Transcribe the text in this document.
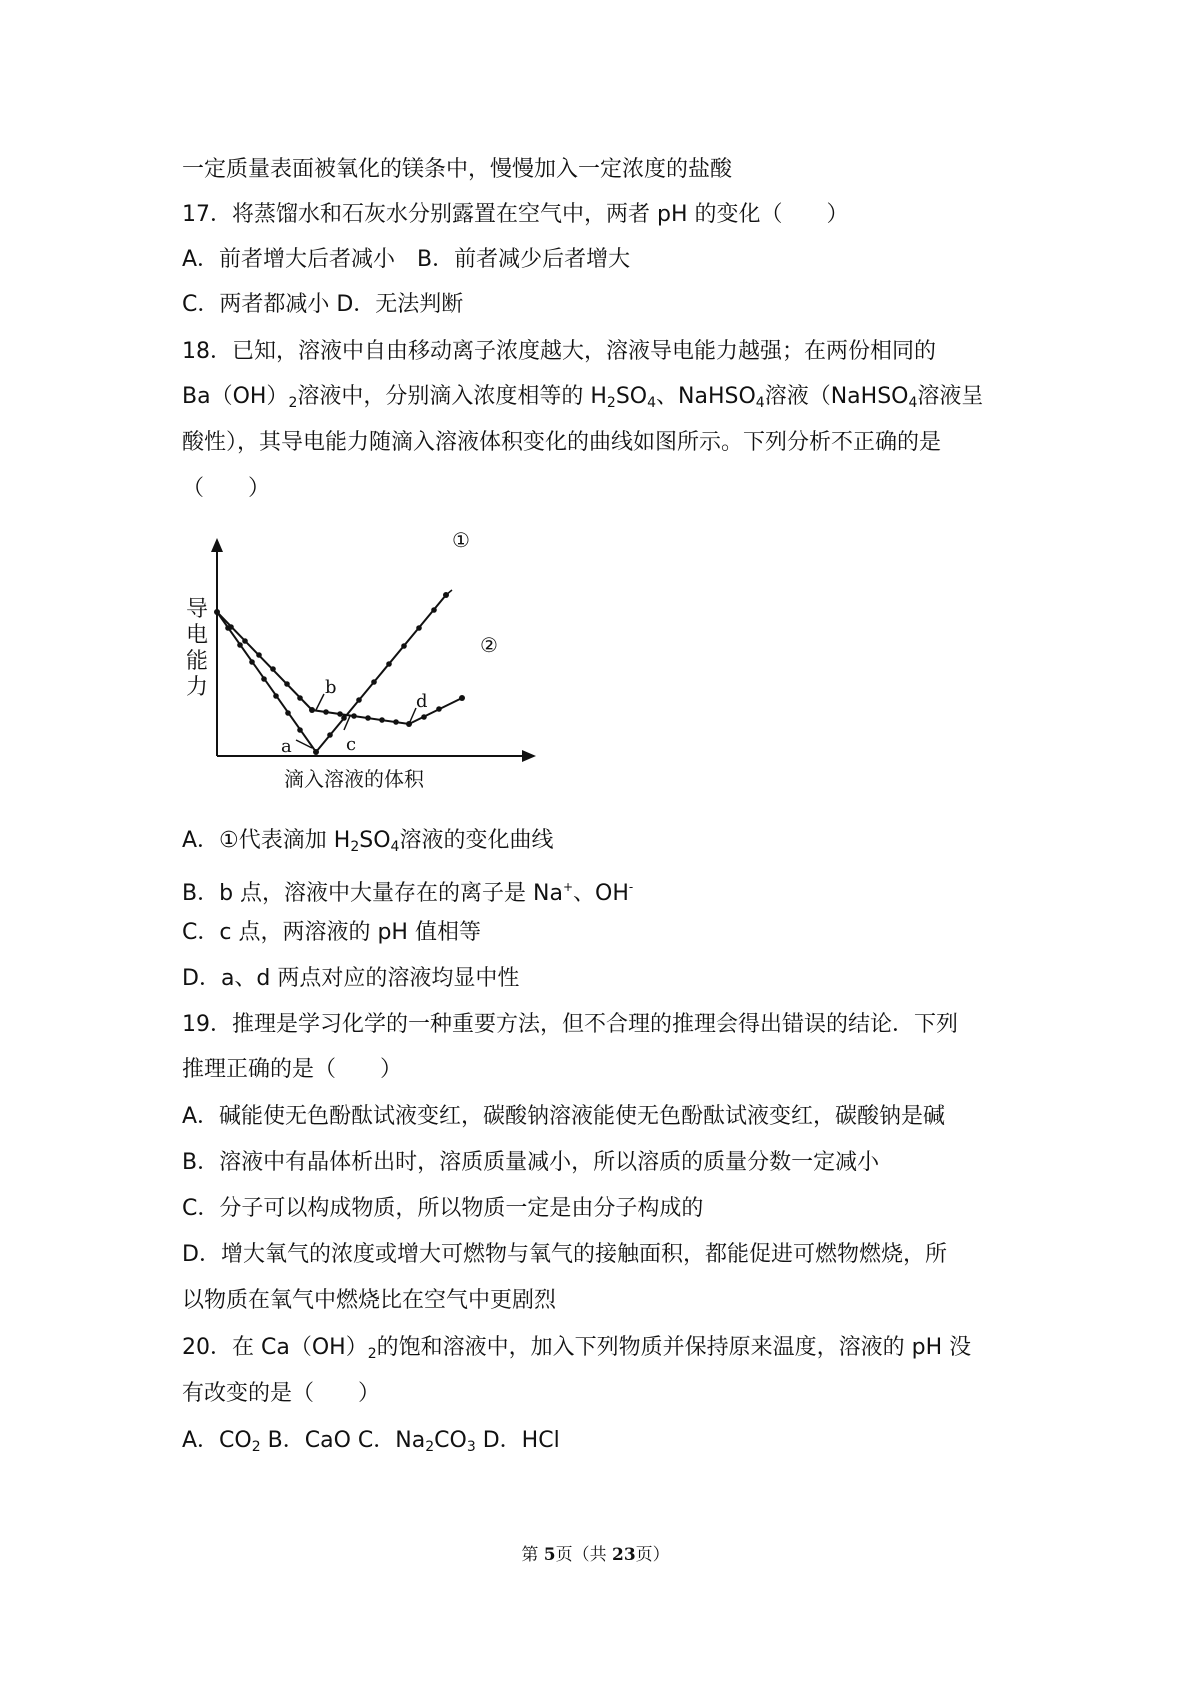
一定质量表面被氧化的镁条中，慢慢加入一定浓度的盐酸
17．将蒸馏水和石灰水分别露置在空气中，两者 pH 的变化（　　）
A．前者增大后者减小　B．前者减少后者增大
C．两者都减小 D．无法判断
18．已知，溶液中自由移动离子浓度越大，溶液导电能力越强；在两份相同的
$Ba(OH)_2$溶液中，分别滴入浓度相等的 $H_2SO_4$、NaHSO$_4$溶液（NaHSO$_4$溶液呈
酸性），其导电能力随滴入溶液体积变化的曲线如图所示。下列分析不正确的是
（　　）
导
电
能
力
滴入溶液的体积
b
a	c
d
①
②
A．①代表滴加 $H_2SO_4$溶液的变化曲线
B．b 点，溶液中大量存在的离子是 Na+、OH-
C．c 点，两溶液的 pH 值相等
D．a、d 两点对应的溶液均显中性
19．推理是学习化学的一种重要方法，但不合理的推理会得出错误的结论．下列
推理正确的是（　　）
A．碱能使无色酚酞试液变红，碳酸钠溶液能使无色酚酞试液变红，碳酸钠是碱
B．溶液中有晶体析出时，溶质质量减小，所以溶质的质量分数一定减小
C．分子可以构成物质，所以物质一定是由分子构成的
D．增大氧气的浓度或增大可燃物与氧气的接触面积，都能促进可燃物燃烧，所
以物质在氧气中燃烧比在空气中更剧烈
20．在 $Ca(OH)_2$的饱和溶液中，加入下列物质并保持原来温度，溶液的 pH 没
有改变的是（　　）
A．$CO_2$ B．CaO C．$Na_2CO_3$ D．HCl
第 5页（共 23页）
